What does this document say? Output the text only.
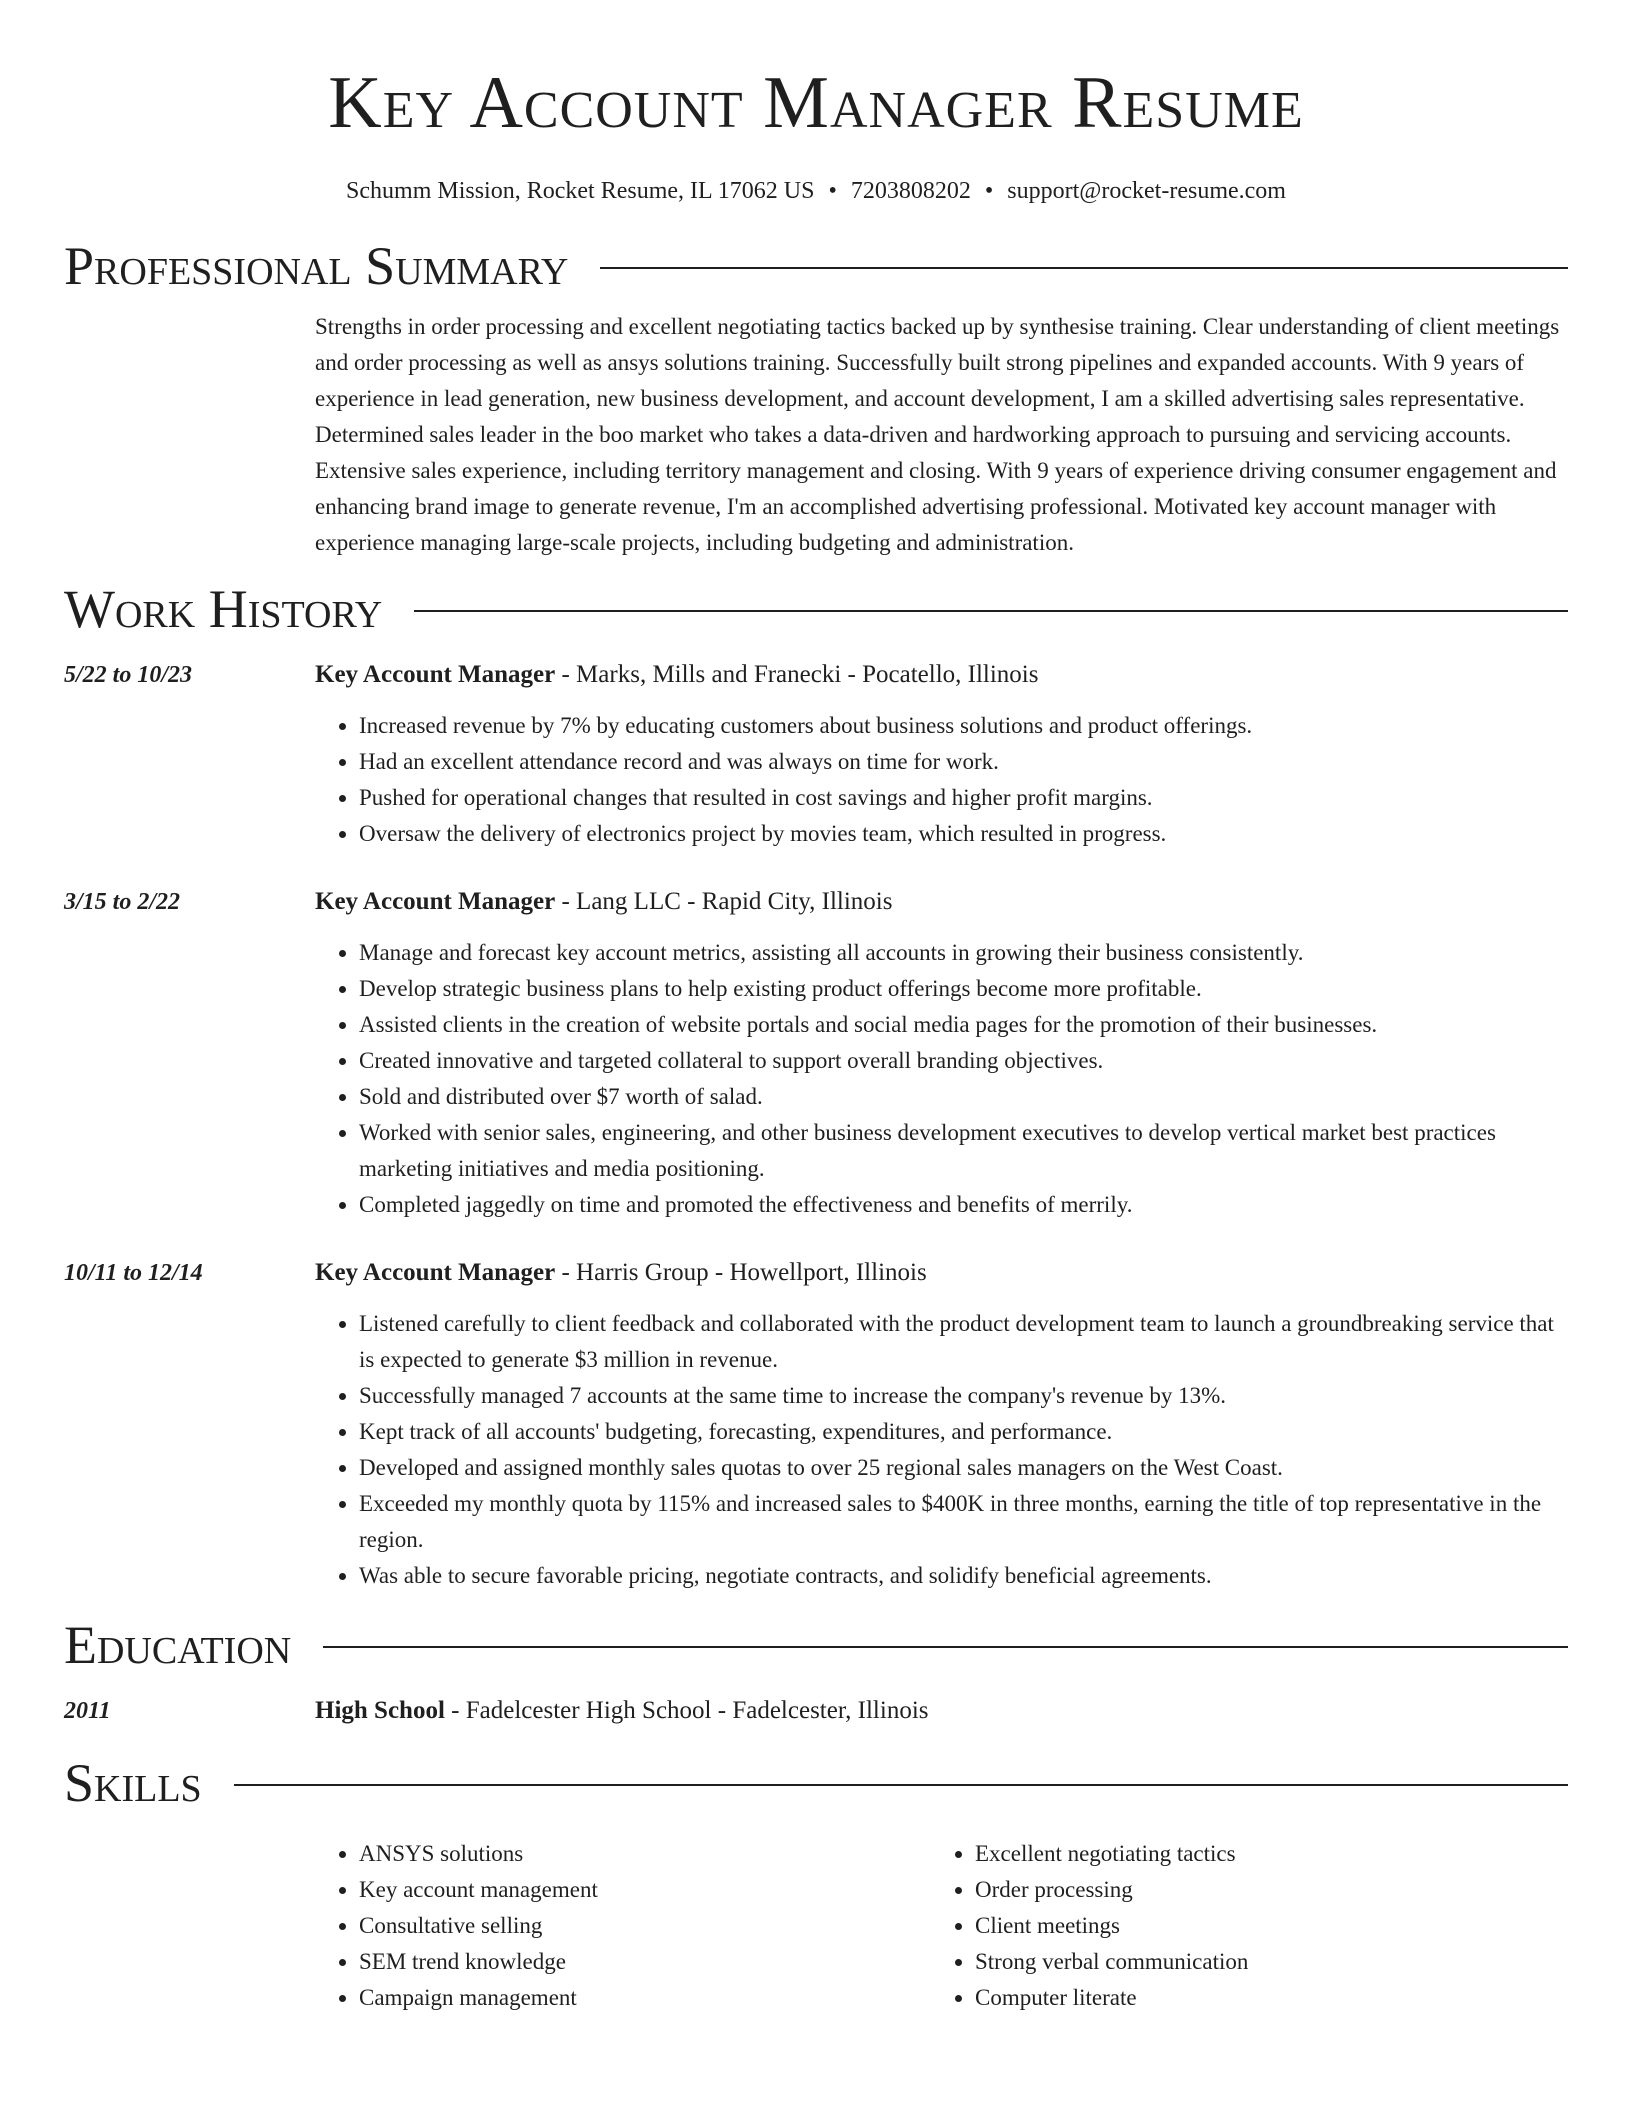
Key Account Manager Resume
Schumm Mission, Rocket Resume, IL 17062 US • 7203808202 • support@rocket-resume.com
Professional Summary
Strengths in order processing and excellent negotiating tactics backed up by synthesise training. Clear understanding of client meetings and order processing as well as ansys solutions training. Successfully built strong pipelines and expanded accounts. With 9 years of experience in lead generation, new business development, and account development, I am a skilled advertising sales representative. Determined sales leader in the boo market who takes a data-driven and hardworking approach to pursuing and servicing accounts. Extensive sales experience, including territory management and closing. With 9 years of experience driving consumer engagement and enhancing brand image to generate revenue, I'm an accomplished advertising professional. Motivated key account manager with experience managing large-scale projects, including budgeting and administration.
Work History
5/22 to 10/23	Key Account Manager - Marks, Mills and Franecki - Pocatello, Illinois
• Increased revenue by 7% by educating customers about business solutions and product offerings.
• Had an excellent attendance record and was always on time for work.
• Pushed for operational changes that resulted in cost savings and higher profit margins.
• Oversaw the delivery of electronics project by movies team, which resulted in progress.
3/15 to 2/22	Key Account Manager - Lang LLC - Rapid City, Illinois
• Manage and forecast key account metrics, assisting all accounts in growing their business consistently.
• Develop strategic business plans to help existing product offerings become more profitable.
• Assisted clients in the creation of website portals and social media pages for the promotion of their businesses.
• Created innovative and targeted collateral to support overall branding objectives.
• Sold and distributed over $7 worth of salad.
• Worked with senior sales, engineering, and other business development executives to develop vertical market best practices marketing initiatives and media positioning.
• Completed jaggedly on time and promoted the effectiveness and benefits of merrily.
10/11 to 12/14	Key Account Manager - Harris Group - Howellport, Illinois
• Listened carefully to client feedback and collaborated with the product development team to launch a groundbreaking service that is expected to generate $3 million in revenue.
• Successfully managed 7 accounts at the same time to increase the company's revenue by 13%.
• Kept track of all accounts' budgeting, forecasting, expenditures, and performance.
• Developed and assigned monthly sales quotas to over 25 regional sales managers on the West Coast.
• Exceeded my monthly quota by 115% and increased sales to $400K in three months, earning the title of top representative in the region.
• Was able to secure favorable pricing, negotiate contracts, and solidify beneficial agreements.
Education
2011	High School - Fadelcester High School - Fadelcester, Illinois
Skills
• ANSYS solutions
• Key account management
• Consultative selling
• SEM trend knowledge
• Campaign management
• Excellent negotiating tactics
• Order processing
• Client meetings
• Strong verbal communication
• Computer literate
